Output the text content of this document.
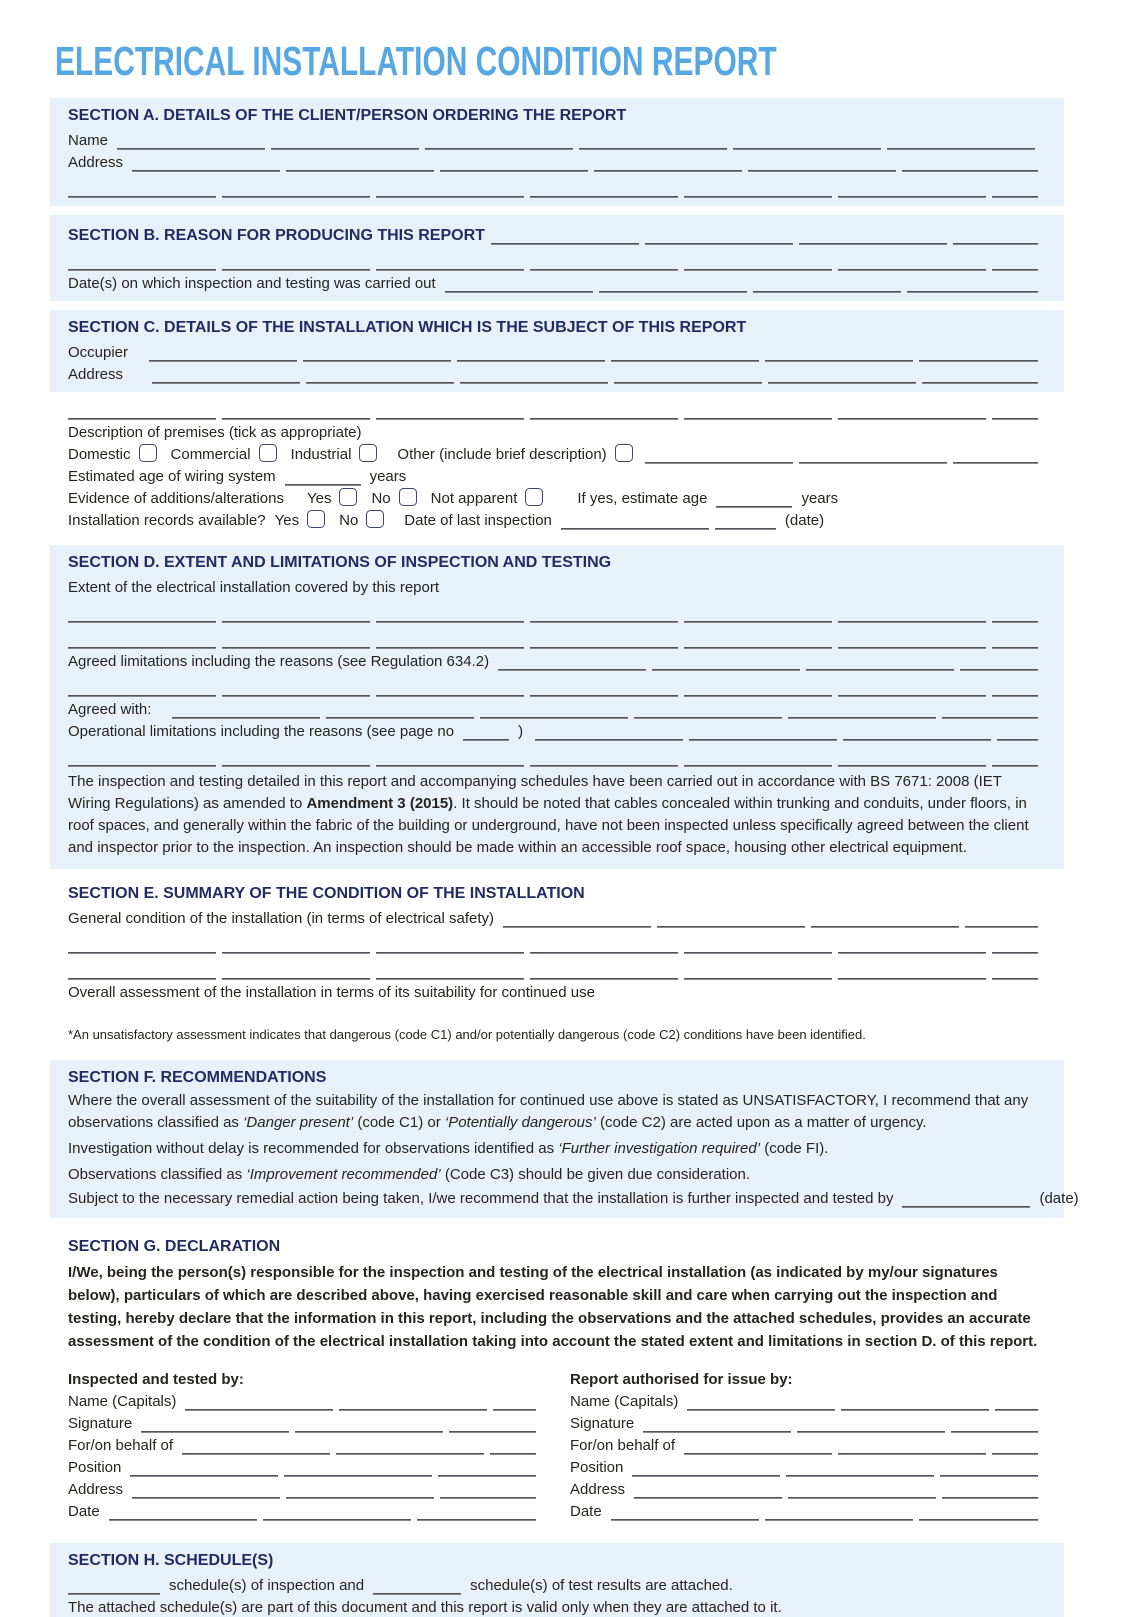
ELECTRICAL INSTALLATION CONDITION REPORT
SECTION A. DETAILS OF THE CLIENT/PERSON ORDERING THE REPORT
Name
Address
SECTION B. REASON FOR PRODUCING THIS REPORT
Date(s) on which inspection and testing was carried out
SECTION C. DETAILS OF THE INSTALLATION WHICH IS THE SUBJECT OF THIS REPORT
Occupier
Address
Description of premises (tick as appropriate)
Domestic	Commercial	Industrial	Other (include brief description)
Estimated age of wiring system	years
Evidence of additions/alterations	Yes	No	Not apparent	If yes, estimate age	years
Installation records available? Yes	No	Date of last inspection	(date)
SECTION D. EXTENT AND LIMITATIONS OF INSPECTION AND TESTING
Extent of the electrical installation covered by this report
Agreed limitations including the reasons (see Regulation 634.2)
Agreed with:
Operational limitations including the reasons (see page no	)

The inspection and testing detailed in this report and accompanying schedules have been carried out in accordance with BS 7671: 2008 (IET Wiring Regulations) as amended to Amendment 3 (2015). It should be noted that cables concealed within trunking and conduits, under floors, in roof spaces, and generally within the fabric of the building or underground, have not been inspected unless specifically agreed between the client and inspector prior to the inspection. An inspection should be made within an accessible roof space, housing other electrical equipment.

SECTION E. SUMMARY OF THE CONDITION OF THE INSTALLATION
General condition of the installation (in terms of electrical safety)
Overall assessment of the installation in terms of its suitability for continued use
*An unsatisfactory assessment indicates that dangerous (code C1) and/or potentially dangerous (code C2) conditions have been identified.
SECTION F. RECOMMENDATIONS

Where the overall assessment of the suitability of the installation for continued use above is stated as UNSATISFACTORY, I recommend that any observations classified as ‘Danger present’ (code C1) or ‘Potentially dangerous’ (code C2) are acted upon as a matter of urgency.

Investigation without delay is recommended for observations identified as ‘Further investigation required’ (code FI).

Observations classified as ‘Improvement recommended’ (Code C3) should be given due consideration.

Subject to the necessary remedial action being taken, I/we recommend that the installation is further inspected and tested by	(date)
SECTION G. DECLARATION

I/We, being the person(s) responsible for the inspection and testing of the electrical installation (as indicated by my/our signatures below), particulars of which are described above, having exercised reasonable skill and care when carrying out the inspection and testing, hereby declare that the information in this report, including the observations and the attached schedules, provides an accurate assessment of the condition of the electrical installation taking into account the stated extent and limitations in section D. of this report.

Inspected and tested by:
Name (Capitals)
Signature
For/on behalf of
Position
Address
Date
Report authorised for issue by:
Name (Capitals)
Signature
For/on behalf of
Position
Address
Date
SECTION H. SCHEDULE(S)
schedule(s) of inspection and	schedule(s) of test results are attached.
The attached schedule(s) are part of this document and this report is valid only when they are attached to it.
